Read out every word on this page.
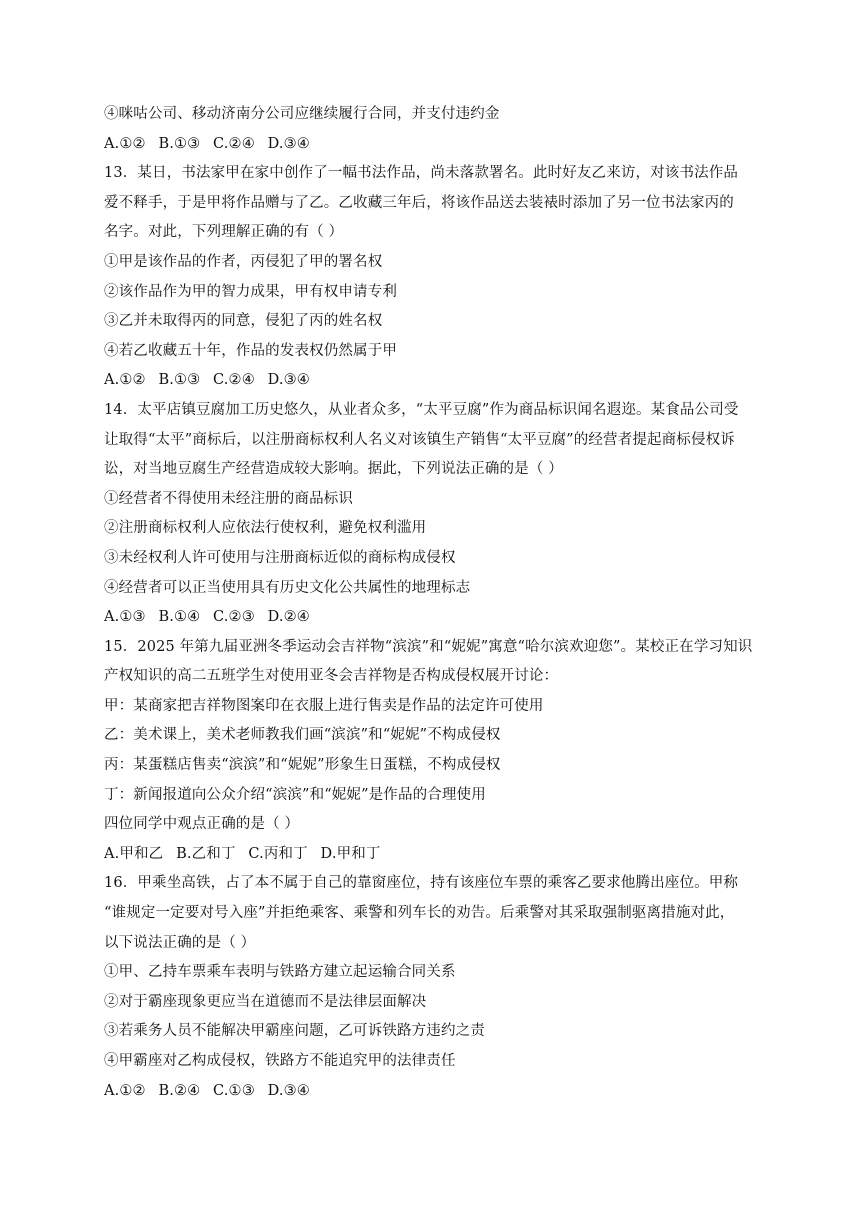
④咪咕公司、移动济南分公司应继续履行合同，并支付违约金
A.①② B.①③ C.②④ D.③④
13．某日，书法家甲在家中创作了一幅书法作品，尚未落款署名。此时好友乙来访，对该书法作品
爱不释手，于是甲将作品赠与了乙。乙收藏三年后，将该作品送去装裱时添加了另一位书法家丙的
名字。对此，下列理解正确的有（ ）
①甲是该作品的作者，丙侵犯了甲的署名权
②该作品作为甲的智力成果，甲有权申请专利
③乙并未取得丙的同意，侵犯了丙的姓名权
④若乙收藏五十年，作品的发表权仍然属于甲
A.①② B.①③ C.②④ D.③④
14．太平店镇豆腐加工历史悠久，从业者众多，“太平豆腐”作为商品标识闻名遐迩。某食品公司受
让取得“太平”商标后，以注册商标权利人名义对该镇生产销售“太平豆腐”的经营者提起商标侵权诉
讼，对当地豆腐生产经营造成较大影响。据此，下列说法正确的是（ ）
①经营者不得使用未经注册的商品标识
②注册商标权利人应依法行使权利，避免权利滥用
③未经权利人许可使用与注册商标近似的商标构成侵权
④经营者可以正当使用具有历史文化公共属性的地理标志
A.①③ B.①④ C.②③ D.②④
15．2025 年第九届亚洲冬季运动会吉祥物“滨滨”和“妮妮”寓意“哈尔滨欢迎您”。某校正在学习知识
产权知识的高二五班学生对使用亚冬会吉祥物是否构成侵权展开讨论：
甲：某商家把吉祥物图案印在衣服上进行售卖是作品的法定许可使用
乙：美术课上，美术老师教我们画“滨滨”和“妮妮”不构成侵权
丙：某蛋糕店售卖“滨滨”和“妮妮”形象生日蛋糕，不构成侵权
丁：新闻报道向公众介绍“滨滨”和“妮妮”是作品的合理使用
四位同学中观点正确的是（ ）
A.甲和乙 B.乙和丁 C.丙和丁 D.甲和丁
16．甲乘坐高铁，占了本不属于自己的靠窗座位，持有该座位车票的乘客乙要求他腾出座位。甲称
“谁规定一定要对号入座”并拒绝乘客、乘警和列车长的劝告。后乘警对其采取强制驱离措施对此，
以下说法正确的是（ ）
①甲、乙持车票乘车表明与铁路方建立起运输合同关系
②对于霸座现象更应当在道德而不是法律层面解决
③若乘务人员不能解决甲霸座问题，乙可诉铁路方违约之责
④甲霸座对乙构成侵权，铁路方不能追究甲的法律责任
A.①② B.②④ C.①③ D.③④
